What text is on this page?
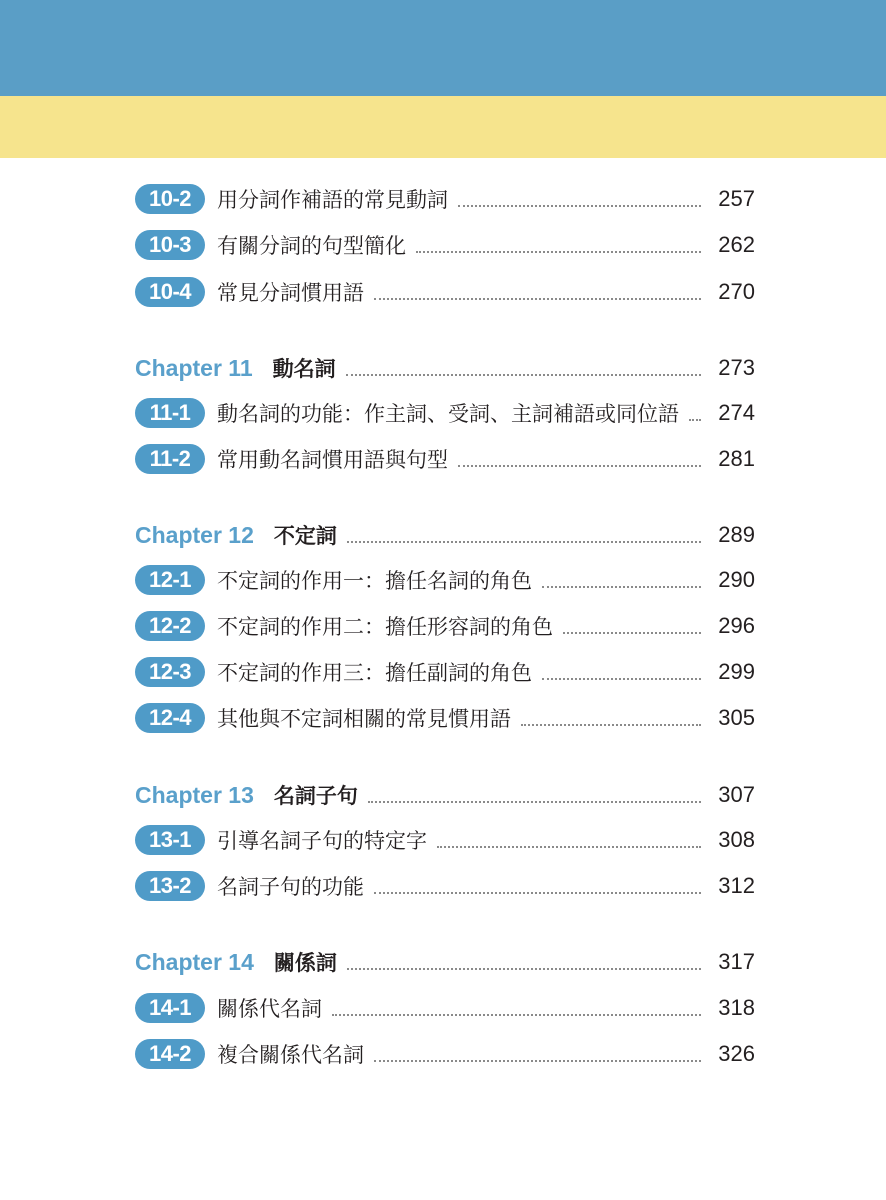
10-2	用分詞作補語的常見動詞	257
10-3	有關分詞的句型簡化	262
10-4	常見分詞慣用語	270
Chapter 11 動名詞	273
11-1	動名詞的功能：作主詞、受詞、主詞補語或同位語	274
11-2	常用動名詞慣用語與句型	281
Chapter 12 不定詞	289
12-1	不定詞的作用一：擔任名詞的角色	290
12-2	不定詞的作用二：擔任形容詞的角色	296
12-3	不定詞的作用三：擔任副詞的角色	299
12-4	其他與不定詞相關的常見慣用語	305
Chapter 13 名詞子句	307
13-1	引導名詞子句的特定字	308
13-2	名詞子句的功能	312
Chapter 14 關係詞	317
14-1	關係代名詞	318
14-2	複合關係代名詞	326
